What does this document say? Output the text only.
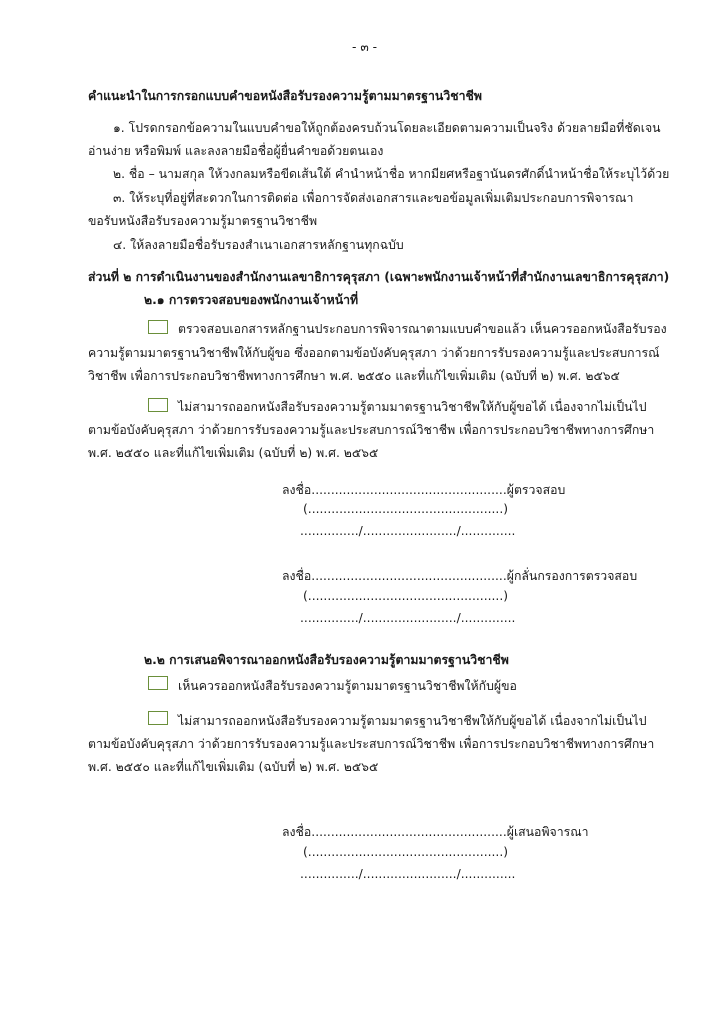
- ๓ -
คำแนะนำในการกรอกแบบคำขอหนังสือรับรองความรู้ตามมาตรฐานวิชาชีพ
๑. โปรดกรอกข้อความในแบบคำขอให้ถูกต้องครบถ้วนโดยละเอียดตามความเป็นจริง ด้วยลายมือที่ชัดเจน
อ่านง่าย หรือพิมพ์ และลงลายมือชื่อผู้ยื่นคำขอด้วยตนเอง
๒. ชื่อ – นามสกุล ให้วงกลมหรือขีดเส้นใต้ คำนำหน้าชื่อ หากมียศหรือฐานันดรศักดิ์นำหน้าชื่อให้ระบุไว้ด้วย
๓. ให้ระบุที่อยู่ที่สะดวกในการติดต่อ เพื่อการจัดส่งเอกสารและขอข้อมูลเพิ่มเติมประกอบการพิจารณา
ขอรับหนังสือรับรองความรู้มาตรฐานวิชาชีพ
๔. ให้ลงลายมือชื่อรับรองสำเนาเอกสารหลักฐานทุกฉบับ
ส่วนที่ ๒ การดำเนินงานของสำนักงานเลขาธิการคุรุสภา (เฉพาะพนักงานเจ้าหน้าที่สำนักงานเลขาธิการคุรุสภา)
๒.๑ การตรวจสอบของพนักงานเจ้าหน้าที่
ตรวจสอบเอกสารหลักฐานประกอบการพิจารณาตามแบบคำขอแล้ว เห็นควรออกหนังสือรับรอง
ความรู้ตามมาตรฐานวิชาชีพให้กับผู้ขอ ซึ่งออกตามข้อบังคับคุรุสภา ว่าด้วยการรับรองความรู้และประสบการณ์
วิชาชีพ เพื่อการประกอบวิชาชีพทางการศึกษา พ.ศ. ๒๕๕๐ และที่แก้ไขเพิ่มเติม (ฉบับที่ ๒) พ.ศ. ๒๕๖๕
ไม่สามารถออกหนังสือรับรองความรู้ตามมาตรฐานวิชาชีพให้กับผู้ขอได้ เนื่องจากไม่เป็นไป
ตามข้อบังคับคุรุสภา ว่าด้วยการรับรองความรู้และประสบการณ์วิชาชีพ เพื่อการประกอบวิชาชีพทางการศึกษา
พ.ศ. ๒๕๕๐ และที่แก้ไขเพิ่มเติม (ฉบับที่ ๒) พ.ศ. ๒๕๖๕
ลงชื่อ..................................................ผู้ตรวจสอบ
(..................................................)
.............../......................../..............
ลงชื่อ..................................................ผู้กลั่นกรองการตรวจสอบ
(..................................................)
.............../......................../..............
๒.๒ การเสนอพิจารณาออกหนังสือรับรองความรู้ตามมาตรฐานวิชาชีพ
เห็นควรออกหนังสือรับรองความรู้ตามมาตรฐานวิชาชีพให้กับผู้ขอ
ไม่สามารถออกหนังสือรับรองความรู้ตามมาตรฐานวิชาชีพให้กับผู้ขอได้ เนื่องจากไม่เป็นไป
ตามข้อบังคับคุรุสภา ว่าด้วยการรับรองความรู้และประสบการณ์วิชาชีพ เพื่อการประกอบวิชาชีพทางการศึกษา
พ.ศ. ๒๕๕๐ และที่แก้ไขเพิ่มเติม (ฉบับที่ ๒) พ.ศ. ๒๕๖๕
ลงชื่อ..................................................ผู้เสนอพิจารณา
(..................................................)
.............../......................../..............
